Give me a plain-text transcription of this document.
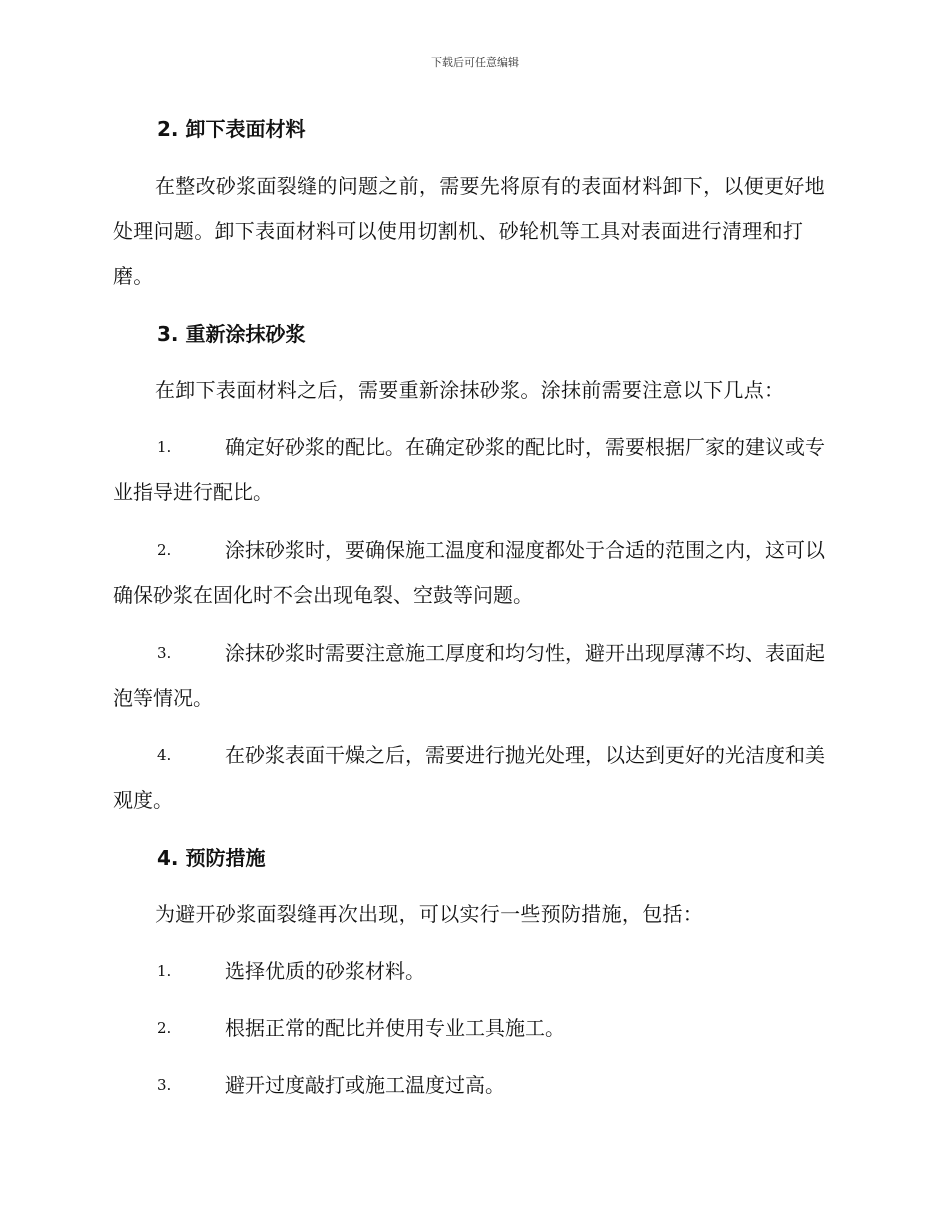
下载后可任意编辑
2. 卸下表面材料

在整改砂浆面裂缝的问题之前，需要先将原有的表面材料卸下，以便更好地处理问题。卸下表面材料可以使用切割机、砂轮机等工具对表面进行清理和打磨。

3. 重新涂抹砂浆

在卸下表面材料之后，需要重新涂抹砂浆。涂抹前需要注意以下几点：

1.	确定好砂浆的配比。在确定砂浆的配比时，需要根据厂家的建议或专业指导进行配比。
2.	涂抹砂浆时，要确保施工温度和湿度都处于合适的范围之内，这可以确保砂浆在固化时不会出现龟裂、空鼓等问题。
3.	涂抹砂浆时需要注意施工厚度和均匀性，避开出现厚薄不均、表面起泡等情况。
4.	在砂浆表面干燥之后，需要进行抛光处理，以达到更好的光洁度和美观度。
4. 预防措施

为避开砂浆面裂缝再次出现，可以实行一些预防措施，包括：

1.	选择优质的砂浆材料。
2.	根据正常的配比并使用专业工具施工。
3.	避开过度敲打或施工温度过高。
